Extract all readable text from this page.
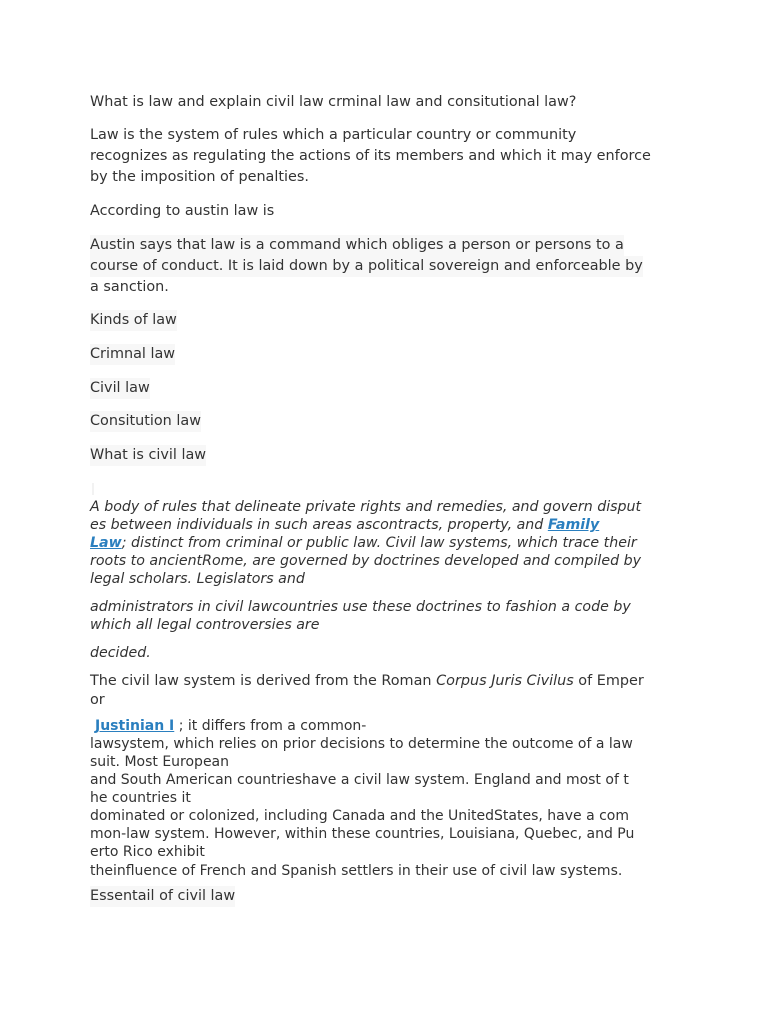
What is law and explain civil law crminal law and consitutional law?
Law is the system of rules which a particular country or community
recognizes as regulating the actions of its members and which it may enforce
by the imposition of penalties.
According to austin law is
Austin says that law is a command which obliges a person or persons to a
course of conduct. It is laid down by a political sovereign and enforceable by
a sanction.
Kinds of law
Crimnal law
Civil law
Consitution law
What is civil law
A body of rules that delineate private rights and remedies, and govern disput
es between individuals in such areas ascontracts, property, and Family
Law; distinct from criminal or public law. Civil law systems, which trace their
roots to ancientRome, are governed by doctrines developed and compiled by
legal scholars. Legislators and
administrators in civil lawcountries use these doctrines to fashion a code by
which all legal controversies are
decided.
The civil law system is derived from the Roman Corpus Juris Civilus of Emper
or
Justinian I ; it differs from a common-
lawsystem, which relies on prior decisions to determine the outcome of a law
suit. Most European
and South American countrieshave a civil law system. England and most of t
he countries it
dominated or colonized, including Canada and the UnitedStates, have a com
mon-law system. However, within these countries, Louisiana, Quebec, and Pu
erto Rico exhibit
theinfluence of French and Spanish settlers in their use of civil law systems.
Essentail of civil law
